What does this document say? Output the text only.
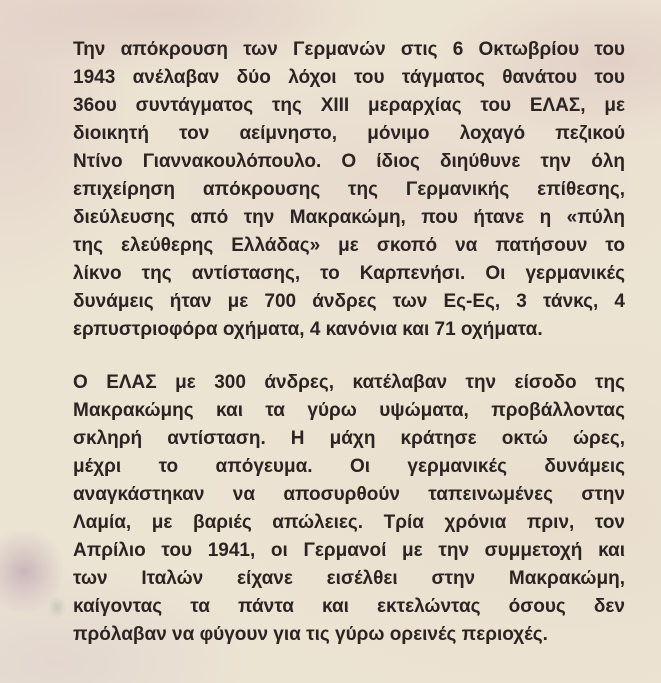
Την απόκρουση των Γερμανών στις 6 Οκτωβρίου του
1943 ανέλαβαν δύο λόχοι του τάγματος θανάτου του
36ου συντάγματος της XIII μεραρχίας του ΕΛΑΣ, με
διοικητή τον αείμνηστο, μόνιμο λοχαγό πεζικού
Ντίνο Γιαννακουλόπουλο. Ο ίδιος διηύθυνε την όλη
επιχείρηση απόκρουσης της Γερμανικής επίθεσης,
διεύλευσης από την Μακρακώμη, που ήτανε η «πύλη
της ελεύθερης Ελλάδας» με σκοπό να πατήσουν το
λίκνο της αντίστασης, το Καρπενήσι. Οι γερμανικές
δυνάμεις ήταν με 700 άνδρες των Ες-Ες, 3 τάνκς, 4
ερπυστριοφόρα οχήματα, 4 κανόνια και 71 οχήματα.
Ο ΕΛΑΣ με 300 άνδρες, κατέλαβαν την είσοδο της
Μακρακώμης και τα γύρω υψώματα, προβάλλοντας
σκληρή αντίσταση. Η μάχη κράτησε οκτώ ώρες,
μέχρι το απόγευμα. Οι γερμανικές δυνάμεις
αναγκάστηκαν να αποσυρθούν ταπεινωμένες στην
Λαμία, με βαριές απώλειες. Τρία χρόνια πριν, τον
Απρίλιο του 1941, οι Γερμανοί με την συμμετοχή και
των Ιταλών είχανε εισέλθει στην Μακρακώμη,
καίγοντας τα πάντα και εκτελώντας όσους δεν
πρόλαβαν να φύγουν για τις γύρω ορεινές περιοχές.
